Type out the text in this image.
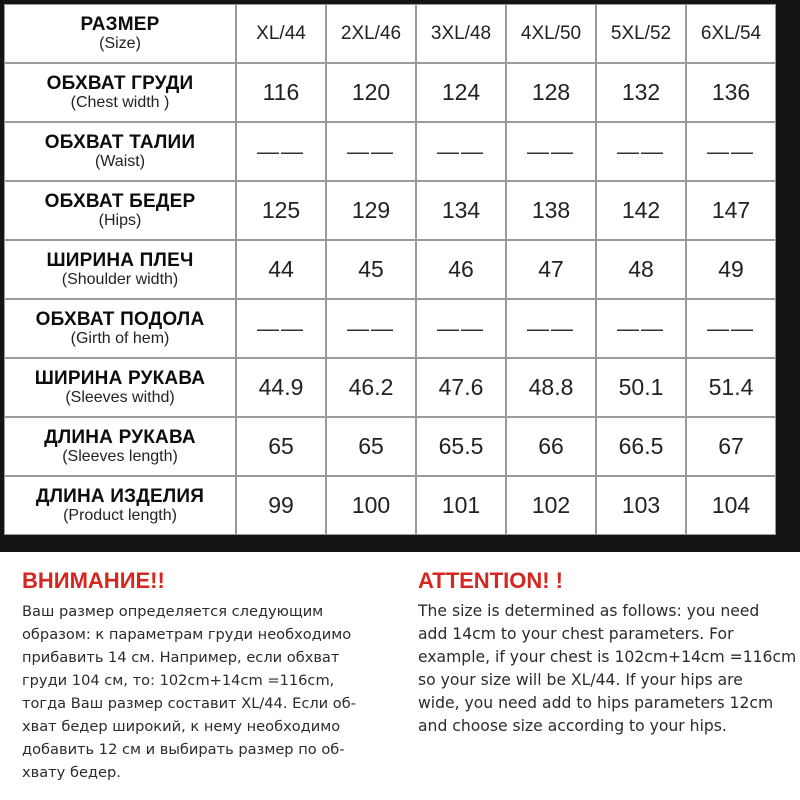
РАЗМЕР
(Size)	XL/44	2XL/46	3XL/48	4XL/50	5XL/52	6XL/54

ОБХВАТ ГРУДИ
(Chest width )	116	120	124	128	132	136

ОБХВАТ ТАЛИИ
(Waist)	——	——	——	——	——	——

ОБХВАТ БЕДЕР
(Hips)	125	129	134	138	142	147

ШИРИНА ПЛЕЧ
(Shoulder width)	44	45	46	47	48	49

ОБХВАТ ПОДОЛА
(Girth of hem)	——	——	——	——	——	——

ШИРИНА РУКАВА
(Sleeves withd)	44.9	46.2	47.6	48.8	50.1	51.4

ДЛИНА РУКАВА
(Sleeves length)	65	65	65.5	66	66.5	67

ДЛИНА ИЗДЕЛИЯ
(Product length)	99	100	101	102	103	104

ВНИМАНИЕ!!

Ваш размер определяется следующим
образом: к параметрам груди необходимо
прибавить 14 см. Например, если обхват
груди 104 см, то: 102cm+14cm =116cm,
тогда Ваш размер составит XL/44. Если об-
хват бедер широкий, к нему необходимо
добавить 12 см и выбирать размер по об-
хвату бедер.

ATTENTION! !

The size is determined as follows: you need
add 14cm to your chest parameters. For
example, if your chest is 102cm+14cm =116cm
so your size will be XL/44. If your hips are
wide, you need add to hips parameters 12cm
and choose size according to your hips.
